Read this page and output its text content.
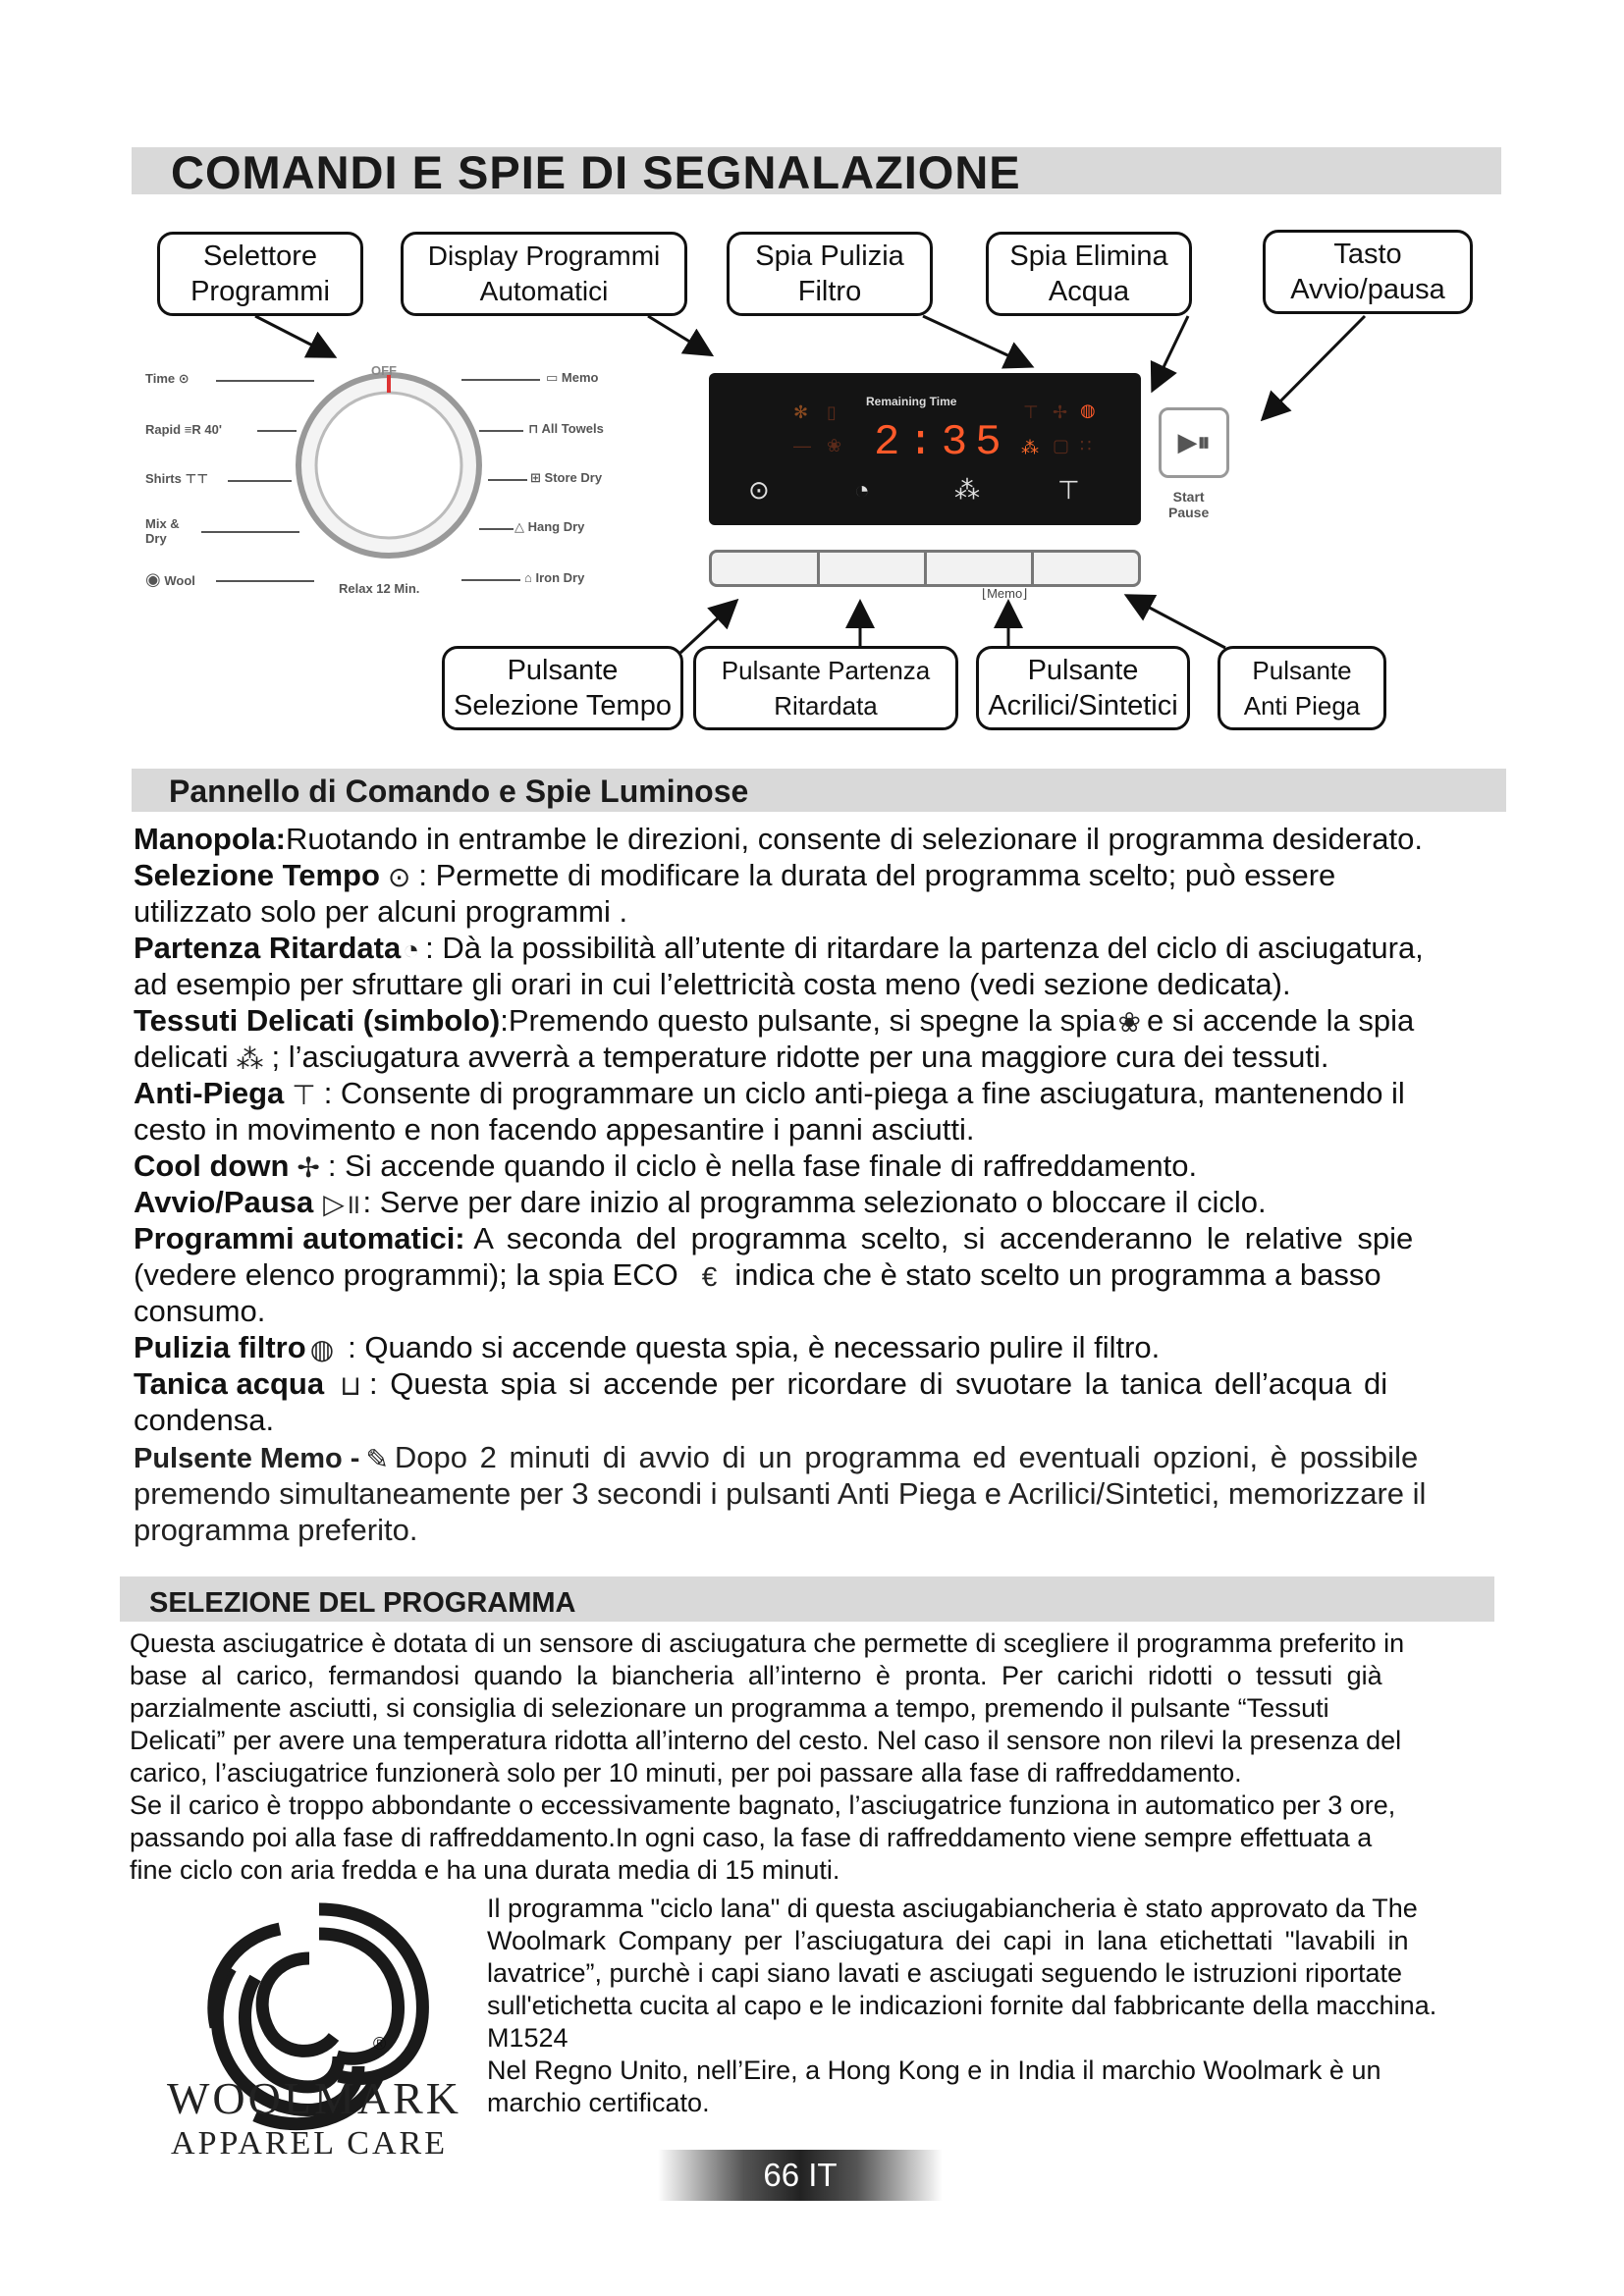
COMANDI E SPIE DI SEGNALAZIONE
Selettore
Programmi
Display Programmi
Automatici
Spia Pulizia
Filtro
Spia Elimina
Acqua
Tasto
Avvio/pausa
OFF
Relax 12 Min.
Time ⊙
Rapid ≡R 40'
Shirts ⊤⊤
Mix &
Dry
◉ Wool
▭ Memo
⊓ All Towels
⊞ Store Dry
△ Hang Dry
⌂ Iron Dry
Remaining Time
2:35
✻ ▯
— ❀
⊤ ✢ ◍
⁂ ▢ ∷
⊙	◔	⁂	⊤
▶⏸
Start
Pause
⌊Memo⌋
Pulsante
Selezione Tempo
Pulsante Partenza
Ritardata
Pulsante
Acrilici/Sintetici
Pulsante
Anti Piega
Pannello di Comando e Spie Luminose
Manopola:Ruotando in entrambe le direzioni, consente di selezionare il programma desiderato.
Selezione Tempo ⊙ : Permette di modificare la durata del programma scelto; può essere
utilizzato solo per alcuni programmi .
Partenza Ritardata◔ : Dà la possibilità all’utente di ritardare la partenza del ciclo di asciugatura,
ad esempio per sfruttare gli orari in cui l’elettricità costa meno (vedi sezione dedicata).
Tessuti Delicati (simbolo):Premendo questo pulsante, si spegne la spia❀ e si accende la spia
delicati ⁂ ; l’asciugatura avverrà a temperature ridotte per una maggiore cura dei tessuti.
Anti-Piega ⊤ : Consente di programmare un ciclo anti-piega a fine asciugatura, mantenendo il
cesto in movimento e non facendo appesantire i panni asciutti.
Cool down ✢ : Si accende quando il ciclo è nella fase finale di raffreddamento.
Avvio/Pausa ▷॥: Serve per dare inizio al programma selezionato o bloccare il ciclo.
Programmi automatici: A seconda del programma scelto, si accenderanno le relative spie
(vedere elenco programmi); la spia ECO € indica che è stato scelto un programma a basso
consumo.
Pulizia filtro ◍ : Quando si accende questa spia, è necessario pulire il filtro.
Tanica acqua ⊔ : Questa spia si accende per ricordare di svuotare la tanica dell’acqua di
condensa.
Pulsente Memo - ✎ Dopo 2 minuti di avvio di un programma ed eventuali opzioni, è possibile
premendo simultaneamente per 3 secondi i pulsanti Anti Piega e Acrilici/Sintetici, memorizzare il
programma preferito.
SELEZIONE DEL PROGRAMMA
Questa asciugatrice è dotata di un sensore di asciugatura che permette di scegliere il programma preferito in
base al carico, fermandosi quando la biancheria all’interno è pronta. Per carichi ridotti o tessuti già
parzialmente asciutti, si consiglia di selezionare un programma a tempo, premendo il pulsante “Tessuti
Delicati” per avere una temperatura ridotta all’interno del cesto. Nel caso il sensore non rilevi la presenza del
carico, l’asciugatrice funzionerà solo per 10 minuti, per poi passare alla fase di raffreddamento.
Se il carico è troppo abbondante o eccessivamente bagnato, l’asciugatrice funziona in automatico per 3 ore,
passando poi alla fase di raffreddamento.In ogni caso, la fase di raffreddamento viene sempre effettuata a
fine ciclo con aria fredda e ha una durata media di 15 minuti.
®
WOOLMARK
APPAREL CARE
Il programma "ciclo lana" di questa asciugabiancheria è stato approvato da The
Woolmark Company per l’asciugatura dei capi in lana etichettati "lavabili in
lavatrice”, purchè i capi siano lavati e asciugati seguendo le istruzioni riportate
sull'etichetta cucita al capo e le indicazioni fornite dal fabbricante della macchina.
M1524
Nel Regno Unito, nell’Eire, a Hong Kong e in India il marchio Woolmark è un
marchio certificato.
66 IT
